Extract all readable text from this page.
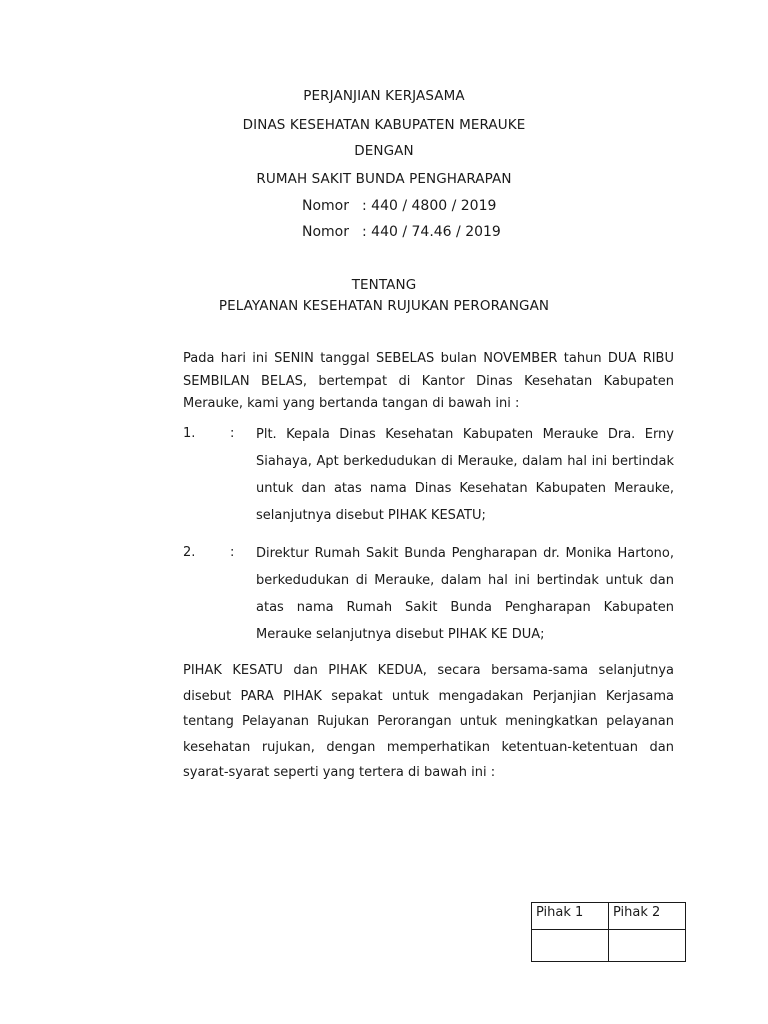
PERJANJIAN KERJASAMA
DINAS KESEHATAN KABUPATEN MERAUKE
DENGAN
RUMAH SAKIT BUNDA PENGHARAPAN
Nomor : 440 / 4800 / 2019
Nomor : 440 / 74.46 / 2019
TENTANG
PELAYANAN KESEHATAN RUJUKAN PERORANGAN
Pada hari ini SENIN tanggal SEBELAS bulan NOVEMBER tahun DUA RIBU SEMBILAN BELAS, bertempat di Kantor Dinas Kesehatan Kabupaten Merauke, kami yang bertanda tangan di bawah ini :
1.	: Plt. Kepala Dinas Kesehatan Kabupaten Merauke Dra. Erny Siahaya, Apt berkedudukan di Merauke, dalam hal ini bertindak untuk dan atas nama Dinas Kesehatan Kabupaten Merauke, selanjutnya disebut PIHAK KESATU;
2.	: Direktur Rumah Sakit Bunda Pengharapan dr. Monika Hartono, berkedudukan di Merauke, dalam hal ini bertindak untuk dan atas nama Rumah Sakit Bunda Pengharapan Kabupaten Merauke selanjutnya disebut PIHAK KE DUA;
PIHAK KESATU dan PIHAK KEDUA, secara bersama-sama selanjutnya disebut PARA PIHAK sepakat untuk mengadakan Perjanjian Kerjasama tentang Pelayanan Rujukan Perorangan untuk meningkatkan pelayanan kesehatan rujukan, dengan memperhatikan ketentuan-ketentuan dan syarat-syarat seperti yang tertera di bawah ini :
Pihak 1	Pihak 2
